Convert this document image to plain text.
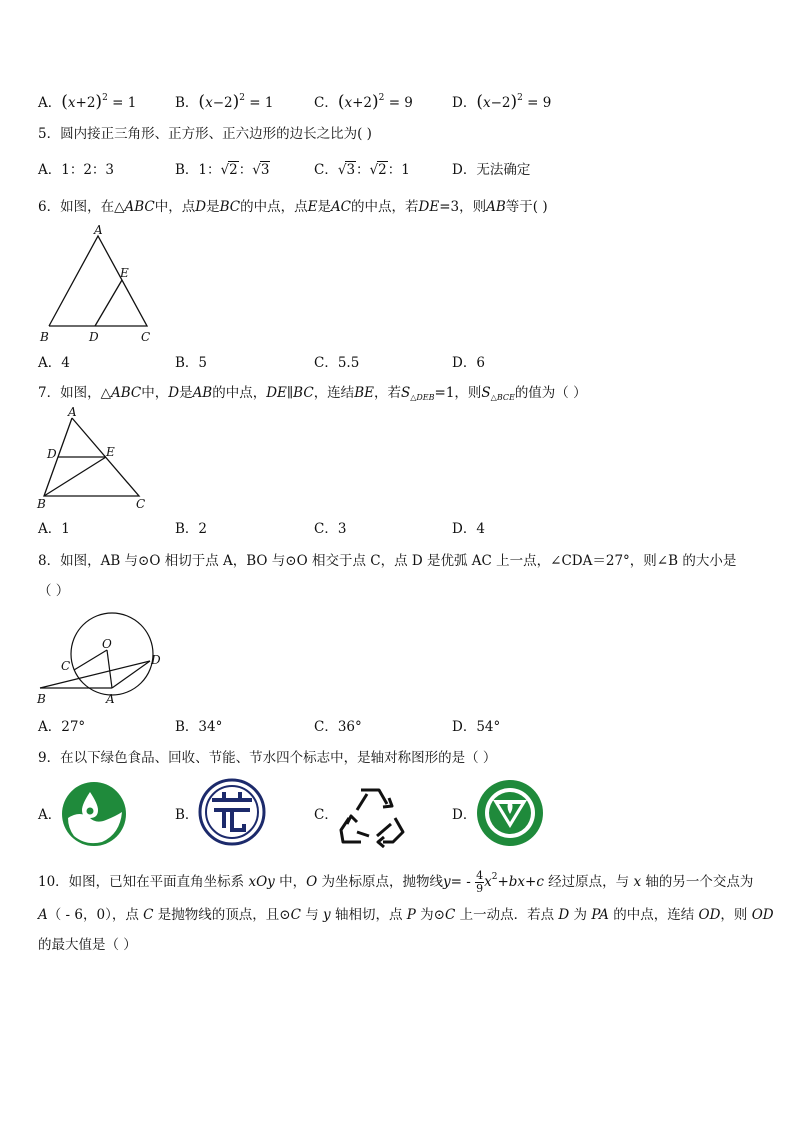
A．$(x+2)^2 = 1$	B．$(x-2)^2 = 1$	C．$(x+2)^2 = 9$	D．$(x-2)^2 = 9$
5．圆内接正三角形、正方形、正六边形的边长之比为( )
A．1：2：3	B．1：√2：√3	C．√3：√2：1	D．无法确定
6．如图，在△ABC中，点D是BC的中点，点E是AC的中点，若DE=3，则AB等于( )
A
E
B	D	C
A．4	B．5	C．5.5	D．6
7．如图，△ABC中，D是AB的中点，DE∥BC，连结BE，若$S_{\triangle DEB}=1$，则$S_{\triangle BCE}$的值为（ ）
A
D	E
B	C
A．1	B．2	C．3	D．4
8．如图，AB 与⊙O 相切于点 A，BO 与⊙O 相交于点 C，点 D 是优弧 AC 上一点，∠CDA＝27°，则∠B 的大小是
（ ）
O
C	D
B	A
A．27°	B．34°	C．36°	D．54°
9．在以下绿色食品、回收、节能、节水四个标志中，是轴对称图形的是（ ）
A．	B．	C．	D．
10．如图，已知在平面直角坐标系 xOy 中，O 为坐标原点，抛物线$y= - \frac{4}{9} x^2+bx+c$ 经过原点，与 x 轴的另一个交点为
A（ - 6，0），点 C 是抛物线的顶点，且⊙C 与 y 轴相切，点 P 为⊙C 上一动点．若点 D 为 PA 的中点，连结 OD，则 OD
的最大值是（ ）
